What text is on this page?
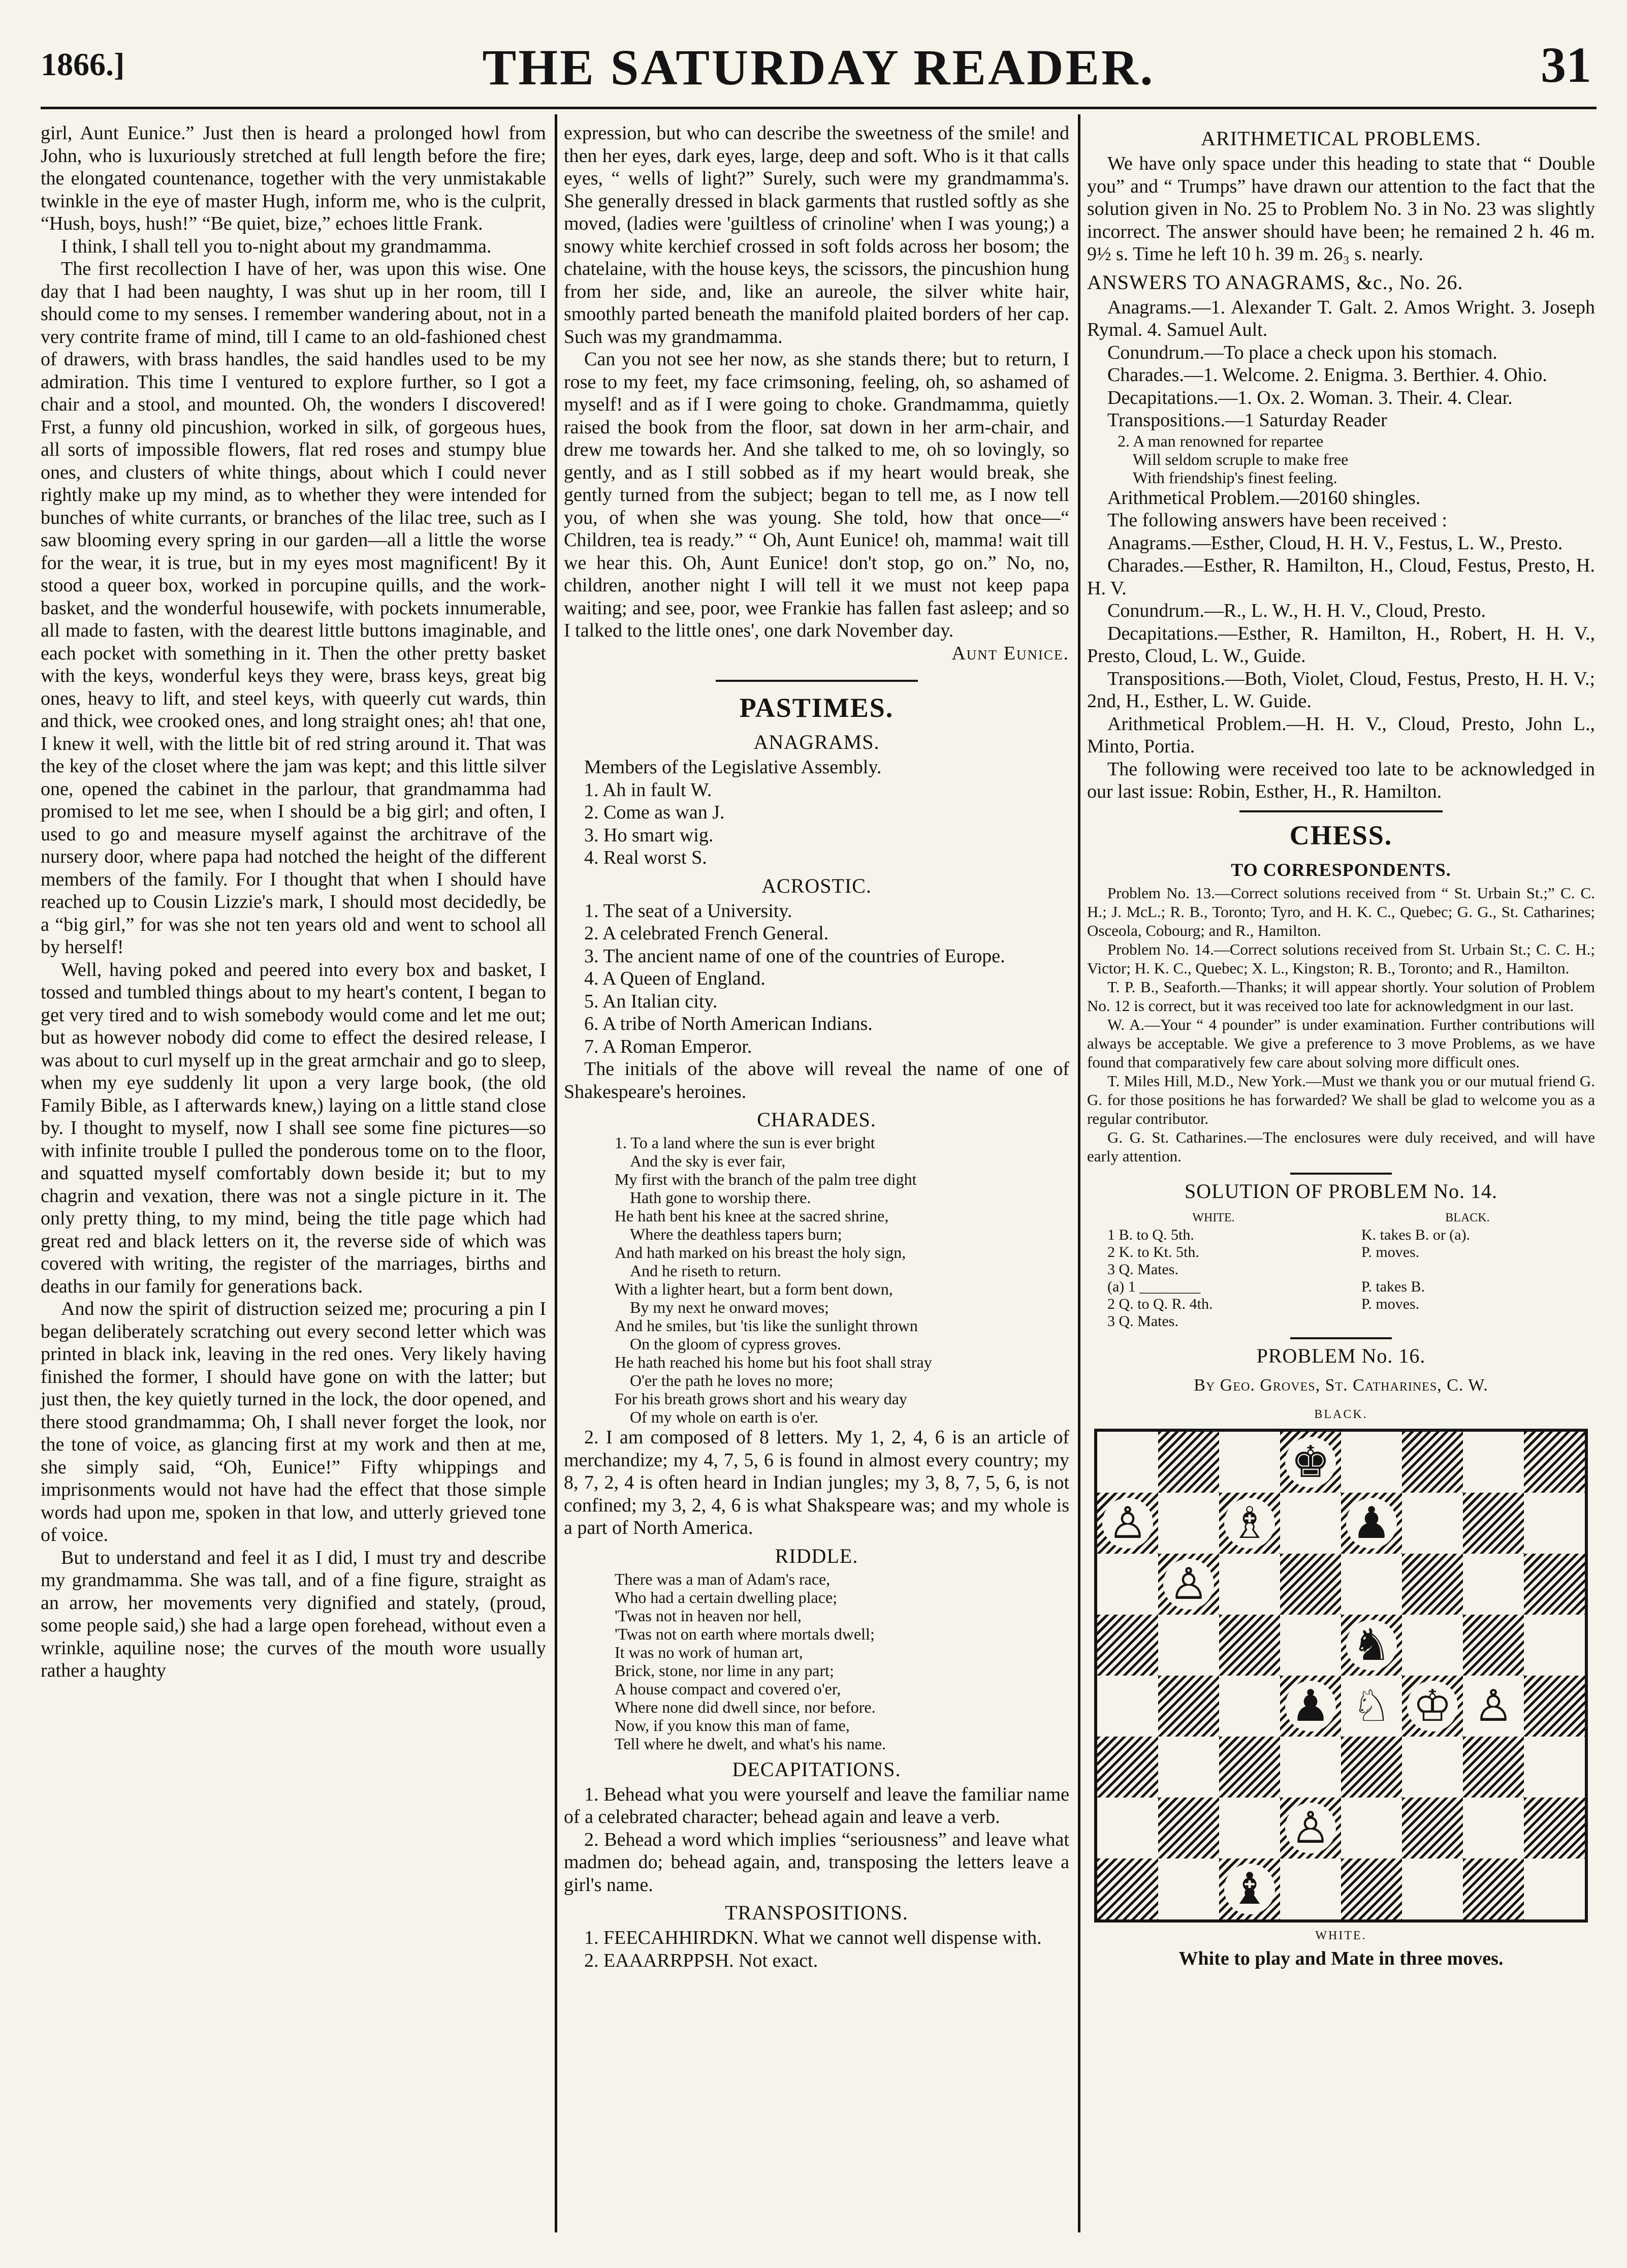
1866.]	THE SATURDAY READER.	31

girl, Aunt Eunice.” Just then is heard a prolonged howl from John, who is luxuriously stretched at full length before the fire; the elongated countenance, together with the very unmistakable twinkle in the eye of master Hugh, inform me, who is the culprit, “Hush, boys, hush!” “Be quiet, bize,” echoes little Frank.

I think, I shall tell you to-night about my grandmamma.

The first recollection I have of her, was upon this wise. One day that I had been naughty, I was shut up in her room, till I should come to my senses. I remember wandering about, not in a very contrite frame of mind, till I came to an old-fashioned chest of drawers, with brass handles, the said handles used to be my admiration. This time I ventured to explore further, so I got a chair and a stool, and mounted. Oh, the wonders I discovered! Frst, a funny old pincushion, worked in silk, of gorgeous hues, all sorts of impossible flowers, flat red roses and stumpy blue ones, and clusters of white things, about which I could never rightly make up my mind, as to whether they were intended for bunches of white currants, or branches of the lilac tree, such as I saw blooming every spring in our garden—all a little the worse for the wear, it is true, but in my eyes most magnificent! By it stood a queer box, worked in porcupine quills, and the work-basket, and the wonderful housewife, with pockets innumerable, all made to fasten, with the dearest little buttons imaginable, and each pocket with something in it. Then the other pretty basket with the keys, wonderful keys they were, brass keys, great big ones, heavy to lift, and steel keys, with queerly cut wards, thin and thick, wee crooked ones, and long straight ones; ah! that one, I knew it well, with the little bit of red string around it. That was the key of the closet where the jam was kept; and this little silver one, opened the cabinet in the parlour, that grandmamma had promised to let me see, when I should be a big girl; and often, I used to go and measure myself against the architrave of the nursery door, where papa had notched the height of the different members of the family. For I thought that when I should have reached up to Cousin Lizzie's mark, I should most decidedly, be a “big girl,” for was she not ten years old and went to school all by herself!

Well, having poked and peered into every box and basket, I tossed and tumbled things about to my heart's content, I began to get very tired and to wish somebody would come and let me out; but as however nobody did come to effect the desired release, I was about to curl myself up in the great armchair and go to sleep, when my eye suddenly lit upon a very large book, (the old Family Bible, as I afterwards knew,) laying on a little stand close by. I thought to myself, now I shall see some fine pictures—so with infinite trouble I pulled the ponderous tome on to the floor, and squatted myself comfortably down beside it; but to my chagrin and vexation, there was not a single picture in it. The only pretty thing, to my mind, being the title page which had great red and black letters on it, the reverse side of which was covered with writing, the register of the marriages, births and deaths in our family for generations back.

And now the spirit of distruction seized me; procuring a pin I began deliberately scratching out every second letter which was printed in black ink, leaving in the red ones. Very likely having finished the former, I should have gone on with the latter; but just then, the key quietly turned in the lock, the door opened, and there stood grandmamma; Oh, I shall never forget the look, nor the tone of voice, as glancing first at my work and then at me, she simply said, “Oh, Eunice!” Fifty whippings and imprisonments would not have had the effect that those simple words had upon me, spoken in that low, and utterly grieved tone of voice.

But to understand and feel it as I did, I must try and describe my grandmamma. She was tall, and of a fine figure, straight as an arrow, her movements very dignified and stately, (proud, some people said,) she had a large open forehead, without even a wrinkle, aquiline nose; the curves of the mouth wore usually rather a haughty

expression, but who can describe the sweetness of the smile! and then her eyes, dark eyes, large, deep and soft. Who is it that calls eyes, “ wells of light?” Surely, such were my grandmamma's. She generally dressed in black garments that rustled softly as she moved, (ladies were 'guiltless of crinoline' when I was young;) a snowy white kerchief crossed in soft folds across her bosom; the chatelaine, with the house keys, the scissors, the pincushion hung from her side, and, like an aureole, the silver white hair, smoothly parted beneath the manifold plaited borders of her cap. Such was my grandmamma.

Can you not see her now, as she stands there; but to return, I rose to my feet, my face crimsoning, feeling, oh, so ashamed of myself! and as if I were going to choke. Grandmamma, quietly raised the book from the floor, sat down in her arm-chair, and drew me towards her. And she talked to me, oh so lovingly, so gently, and as I still sobbed as if my heart would break, she gently turned from the subject; began to tell me, as I now tell you, of when she was young. She told, how that once—“ Children, tea is ready.” “ Oh, Aunt Eunice! oh, mamma! wait till we hear this. Oh, Aunt Eunice! don't stop, go on.” No, no, children, another night I will tell it we must not keep papa waiting; and see, poor, wee Frankie has fallen fast asleep; and so I talked to the little ones', one dark November day.

Aunt Eunice.

PASTIMES.
ANAGRAMS.

Members of the Legislative Assembly.

1. Ah in fault W.
2. Come as wan J.
3. Ho smart wig.
4. Real worst S.
ACROSTIC.
1. The seat of a University.
2. A celebrated French General.
3. The ancient name of one of the countries of Europe.
4. A Queen of England.
5. An Italian city.
6. A tribe of North American Indians.
7. A Roman Emperor.

The initials of the above will reveal the name of one of Shakespeare's heroines.

CHARADES.
1. To a land where the sun is ever bright
And the sky is ever fair,
My first with the branch of the palm tree dight
Hath gone to worship there.
He hath bent his knee at the sacred shrine,
Where the deathless tapers burn;
And hath marked on his breast the holy sign,
And he riseth to return.
With a lighter heart, but a form bent down,
By my next he onward moves;
And he smiles, but 'tis like the sunlight thrown
On the gloom of cypress groves.
He hath reached his home but his foot shall stray
O'er the path he loves no more;
For his breath grows short and his weary day
Of my whole on earth is o'er.

2. I am composed of 8 letters. My 1, 2, 4, 6 is an article of merchandize; my 4, 7, 5, 6 is found in almost every country; my 8, 7, 2, 4 is often heard in Indian jungles; my 3, 8, 7, 5, 6, is not confined; my 3, 2, 4, 6 is what Shakspeare was; and my whole is a part of North America.

RIDDLE.
There was a man of Adam's race,
Who had a certain dwelling place;
'Twas not in heaven nor hell,
'Twas not on earth where mortals dwell;
It was no work of human art,
Brick, stone, nor lime in any part;
A house compact and covered o'er,
Where none did dwell since, nor before.
Now, if you know this man of fame,
Tell where he dwelt, and what's his name.
DECAPITATIONS.

1. Behead what you were yourself and leave the familiar name of a celebrated character; behead again and leave a verb.

2. Behead a word which implies “seriousness” and leave what madmen do; behead again, and, transposing the letters leave a girl's name.

TRANSPOSITIONS.
1. FEECAHHIRDKN. What we cannot well dispense with.
2. EAAARRPPSH. Not exact.
ARITHMETICAL PROBLEMS.

We have only space under this heading to state that “ Double you” and “ Trumps” have drawn our attention to the fact that the solution given in No. 25 to Problem No. 3 in No. 23 was slightly incorrect. The answer should have been; he remained 2 h. 46 m. 9½ s. Time he left 10 h. 39 m. 26₃ s. nearly.

ANSWERS TO ANAGRAMS, &c., No. 26.

Anagrams.—1. Alexander T. Galt. 2. Amos Wright. 3. Joseph Rymal. 4. Samuel Ault.

Conundrum.—To place a check upon his stomach.

Charades.—1. Welcome. 2. Enigma. 3. Berthier. 4. Ohio.

Decapitations.—1. Ox. 2. Woman. 3. Their. 4. Clear.

Transpositions.—1 Saturday Reader

2. A man renowned for repartee
Will seldom scruple to make free
With friendship's finest feeling.

Arithmetical Problem.—20160 shingles.

The following answers have been received :

Anagrams.—Esther, Cloud, H. H. V., Festus, L. W., Presto.

Charades.—Esther, R. Hamilton, H., Cloud, Festus, Presto, H. H. V.

Conundrum.—R., L. W., H. H. V., Cloud, Presto.

Decapitations.—Esther, R. Hamilton, H., Robert, H. H. V., Presto, Cloud, L. W., Guide.

Transpositions.—Both, Violet, Cloud, Festus, Presto, H. H. V.; 2nd, H., Esther, L. W. Guide.

Arithmetical Problem.—H. H. V., Cloud, Presto, John L., Minto, Portia.

The following were received too late to be acknowledged in our last issue: Robin, Esther, H., R. Hamilton.

CHESS.
TO CORRESPONDENTS.

Problem No. 13.—Correct solutions received from “ St. Urbain St.;” C. C. H.; J. McL.; R. B., Toronto; Tyro, and H. K. C., Quebec; G. G., St. Catharines; Osceola, Cobourg; and R., Hamilton.

Problem No. 14.—Correct solutions received from St. Urbain St.; C. C. H.; Victor; H. K. C., Quebec; X. L., Kingston; R. B., Toronto; and R., Hamilton.

T. P. B., Seaforth.—Thanks; it will appear shortly. Your solution of Problem No. 12 is correct, but it was received too late for acknowledgment in our last.

W. A.—Your “ 4 pounder” is under examination. Further contributions will always be acceptable. We give a preference to 3 move Problems, as we have found that comparatively few care about solving more difficult ones.

T. Miles Hill, M.D., New York.—Must we thank you or our mutual friend G. G. for those positions he has forwarded? We shall be glad to welcome you as a regular contributor.

G. G. St. Catharines.—The enclosures were duly received, and will have early attention.

SOLUTION OF PROBLEM No. 14.
WHITE.	BLACK.
1 B. to Q. 5th.	K. takes B. or (a).
2 K. to Kt. 5th.	P. moves.
3 Q. Mates.
(a) 1 ________	P. takes B.
2 Q. to Q. R. 4th.	P. moves.
3 Q. Mates.
PROBLEM No. 16.
By Geo. Groves, St. Catharines, C. W.
BLACK.
♚
♙ ♗ ♟
♙
♞
♟ ♘ ♔ ♙
♙
♝
WHITE.
White to play and Mate in three moves.
